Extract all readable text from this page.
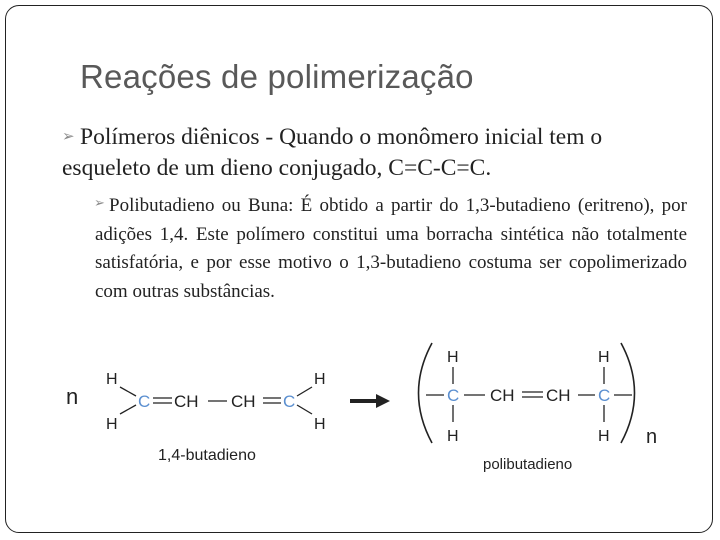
Reações de polimerização
➢ Polímeros diênicos - Quando o monômero inicial tem o esqueleto de um dieno conjugado, C=C-C=C.
➢ Polibutadieno ou Buna: É obtido a partir do 1,3-butadieno (eritreno), por adições 1,4. Este polímero constitui uma borracha sintética não totalmente satisfatória, e por esse motivo o 1,3-butadieno costuma ser copolimerizado com outras substâncias.
n
H
H
H
H
C CH CH C
1,4-butadieno
H
H
H
H
C CH CH C
n
polibutadieno
